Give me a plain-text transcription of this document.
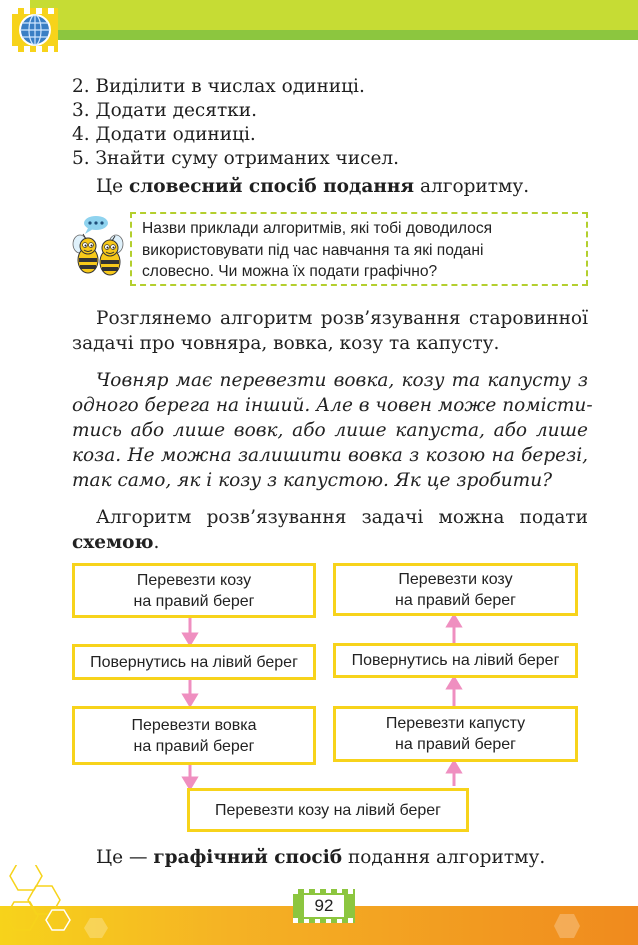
2. Виділити в числах одиниці.
3. Додати десятки.
4. Додати одиниці.
5. Знайти суму отриманих чисел.
Це словесний спосіб подання алгоритму.
Назви приклади алгоритмів, які тобі доводилося
використовувати під час навчання та які подані
словесно. Чи можна їх подати графічно?
Розглянемо алгоритм розв’язування старовинної
задачі про човняра, вовка, козу та капусту.
Човняр має перевезти вовка, козу та капусту з
одного берега на інший. Але в човен може помісти-
тись або лише вовк, або лише капуста, або лише
коза. Не можна залишити вовка з козою на березі,
так само, як і козу з капустою. Як це зробити?
Алгоритм розв’язування задачі можна подати
схемою.
Перевезти козу
на правий берег
Повернутись на лівий берег
Перевезти вовка
на правий берег
Перевезти козу на лівий берег
Перевезти козу
на правий берег
Повернутись на лівий берег
Перевезти капусту
на правий берег
Це — графічний спосіб подання алгоритму.
92
